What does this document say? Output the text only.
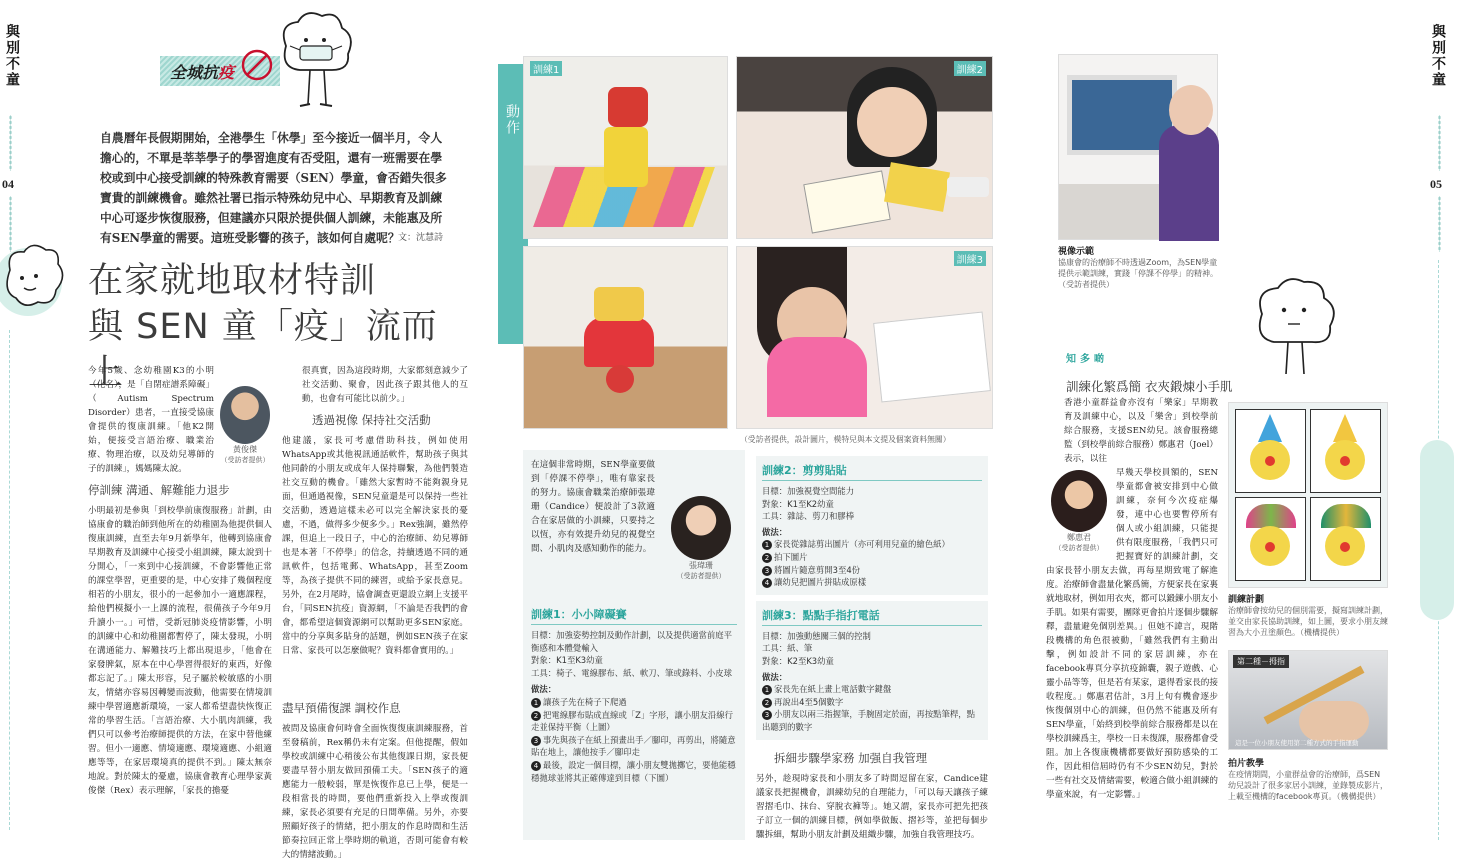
與別不童
04
全城抗疫
自農曆年長假期開始，全港學生「休學」至今接近一個半月，令人擔心的，不單是莘莘學子的學習進度有否受阻，還有一班需要在學校或到中心接受訓練的特殊教育需要（SEN）學童，會否錯失很多寶貴的訓練機會。雖然社署已指示特殊幼兒中心、早期教育及訓練中心可逐步恢復服務，但建議亦只限於提供個人訓練，未能惠及所有SEN學童的需要。這班受影響的孩子，該如何自處呢？
文：沈慧詩
在家就地取材特訓
與 SEN 童「疫」流而上
今年5歲、念幼稚園K3的小明（化名），是「自閉症譜系障礙」（Autism Spectrum Disorder）患者，一直接受協康會提供的復康訓練。「他K2開始，便接受言語治療、職業治療、物理治療，以及幼兒導師的子的訓練」，媽媽陳太說。
黃俊傑
（受訪者提供）
停訓練 溝通、解難能力退步
小明最初是參與「到校學前康復服務」計劃，由協康會的職治師到他所在的幼稚園為他提供個人復康訓練，直至去年9月新學年，他轉到協康會早期教育及訓練中心接受小組訓練，陳太說到十分開心，「一來到中心接訓練，不會影響他正常的課堂學習，更重要的是，中心安排了幾個程度相若的小朋友，很小的一起參加小一適應課程，給他們模擬小一上課的流程，很備孩子今年9月升讀小一。」可惜，受新冠肺炎疫情影響，小明的訓練中心和幼稚園都暫停了，陳太發現，小明在溝通能力、解難技巧上都出現退步，「他會在家發脾氣，原本在中心學習得很好的東西，好像都忘記了。」陳太形容，兒子屬於較敏感的小朋友，情緒亦容易因轉變而波動，他需要在情境訓練中學習適應新環境，一家人都希望盡快恢復正常的學習生活。「言語治療、大小肌肉訓練，我們只可以參考治療師提供的方法，在家中替他練習。但小一適應、情境適應、環境適應、小組適應等等，在家居環境真的提供不到。」陳太無奈地說。對於陳太的憂慮，協康會教育心理學家黃俊傑（Rex）表示理解，「家長的擔憂
很真實，因為這段時期，大家都刻意減少了社交活動、聚會，因此孩子跟其他人的互動，也會有可能比以前少。」
透過視像 保持社交活動
他建議，家長可考慮借助科技，例如使用WhatsApp或其他視訊通話軟件，幫助孩子與其他同齡的小朋友或成年人保持聯繫，為他們製造社交互動的機會。「雖然大家暫時不能夠親身見面，但通過視像，SEN兒童還是可以保持一些社交活動，透過這樣未必可以完全解決家長的憂慮，不過，做得多少便多少。」Rex強調，雖然停課，但追上一段日子，中心的治療師、幼兒導師也是本著「不停學」的信念，持續透過不同的通訊軟件，包括電郵、WhatsApp，甚至Zoom等，為孩子提供不同的練習，或給予家長意見。另外，在2月尾時，協會調查更還設立網上支援平台，「同SEN抗疫」資源網，「不論是否我們的會會，都希望這個資源網可以幫助更多SEN家庭。當中的分享與多貼身的話題，例如SEN孩子在家日常、家長可以怎麼做呢？資料都會實用的。」
盡早預備復課 調校作息
被問及協康會何時會全面恢復復康訓練服務，首至發稿前，Rex稱仍未有定案。但他提醒，假如學校或訓練中心稍後公布其他復課日期，家長便要盡早替小朋友做回預備工夫。「SEN孩子的適應能力一般較弱，單是恢復作息已上學，便是一段相當長的時間，要他們重新投入上學或復訓練，家長必須要有充足的日間準備。另外，亦要照顧好孩子的情緒，把小朋友的作息時間和生活節奏拉回正常上學時期的軌道，否則可能會有較大的情緒波動。」
視覺空 動作
訓練1	訓練2
訓練3
（受訪者提供，設計圖片，模特兒與本文提及個案資料無關）
在這個非常時期，SEN學童要做到「停課不停學」，唯有靠家長的努力。協康會職業治療師張瑋珊（Candice）便設計了3款適合在家居做的小訓練，只要持之以恆，亦有效提升幼兒的視覺空間、小肌肉及感知動作的能力。
張瑋珊
（受訪者提供）
訓練1：小小障礙賽
目標：加強姿勢控制及動作計劃，以及提供適當前庭平衡感和本體覺輸入
對象：K1至K3幼童
工具：椅子、電線膠布、紙、軟刀、筆或錄料、小皮球
做法：
1 讓孩子先在椅子下爬過
2 把電線膠布貼成直線或「Z」字形，讓小朋友沿線行走並保持平衡（上圖）
3 事先與孩子在紙上預畫出手／腳印，再剪出，將隨意貼在地上，讓他按手／腳印走
4 最後，設定一個目標，讓小朋友雙拋擲它，要他能穩穩拋球並將其正確傳達到目標（下圖）
訓練2：剪剪貼貼
目標：加強視覺空間能力
對象：K1至K2幼童
工具：雜誌、剪刀和膠棒
做法：
1 家長從雜誌剪出圖片（亦可利用兒童的繪色紙）
2 拍下圖片
3 將圖片隨意剪開3至4份
4 讓幼兒把圖片拼貼成原樣
訓練3：點點手指打電話
目標：加強動態關三個的控制
工具：紙、筆
對象：K2至K3幼童
做法：
1 家長先在紙上畫上電話數字鍵盤
2 再說出4至5個數字
3 小朋友以兩三指握筆，手腕固定於面，再按點筆桿，點出聽到的數字
拆細步驟學家務 加强自我管理
另外，趁現時家長和小朋友多了時間逗留在家，Candice建議家長把握機會，訓練幼兒的自理能力，「可以每天讓孩子練習摺毛巾、抹台、穿脫衣褲等」。她又謂，家長亦可把先把孩子訂立一個的訓練目標，例如學做飯、摺衫等，並把每個步驟拆細，幫助小朋友計劃及組織步驟，加強自我管理技巧。
視像示範
協康會的治療師不時透過Zoom，為SEN學童提供示範訓練，實踐「停課不停學」的精神。（受訪者提供）
知多啲
訓練化繁爲簡 衣夾鍛煉小手肌
香港小童群益會亦沒有「樂家」早期教育及訓練中心，以及「樂舍」到校學前綜合服務，支援SEN幼兒。該會服務總監（到校學前綜合服務）鄭惠君（Joel）表示，以往
鄭惠君
（受訪者提供）
早幾天學校員額的，SEN學童都會被安排到中心做訓練，奈何今次疫症爆發，連中心也要暫停所有個人或小組訓練，只能提供有限度服務，「我們只可把握寶好的訓練計劃，交由家長替小朋友去做，再每星期致電了解進度。治療師會盡量化繁爲簡，方便家長在家裏就地取材，例如用衣夾，都可以鍛鍊小朋友小手肌。如果有需要，團隊更會拍片逐個步驟解釋，盡量避免個別差異。」但她不諱言，現階段機構的角色很被動，「雖然我們有主動出擊，例如設計不同的家居訓練，亦在facebook專頁分享抗疫錦囊，親子遊戲、心靈小品等等，但是若有某家，還得看家長的接收程度。」鄭惠君估計，3月上旬有機會逐步恢復個別中心的訓練，但仍然不能惠及所有SEN學童，「始終到校學前綜合服務都是以在學校訓練爲主，學校一日未復課，服務都會受阻。加上各復康機構都要做好預防感染的工作，因此相信屆時仍有不少SEN幼兒，對於一些有社交及情緒需要，較適合做小組訓練的學童來說，有一定影響。」
訓練計劃
治療師會按幼兒的個別需要，擬寫訓練計劃，並交由家長協助訓練，如上圖，要求小朋友練習為大小丑塗顏色。（機構提供）
第二種－拇指
這是一位小朋友使用第二種方式的手指運動
拍片教學
在疫情期間，小童群益會的治療師，爲SEN幼兒設計了很多家居小訓練，並錄製成影片，上載至機構的facebook專頁。（機構提供）
與別不童
05
